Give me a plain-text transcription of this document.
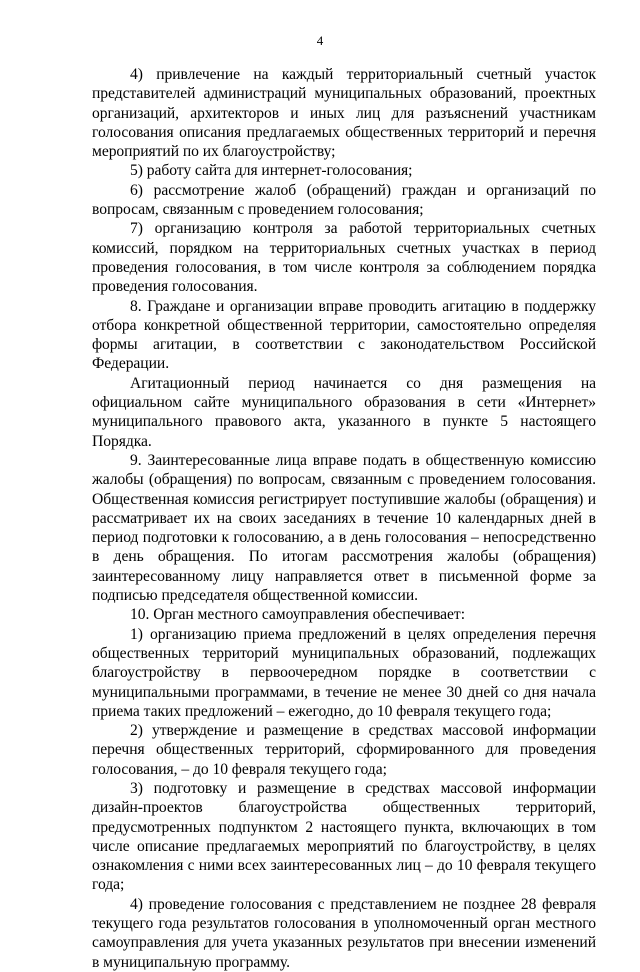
4

4) привлечение на каждый территориальный счетный участок представителей администраций муниципальных образований, проектных организаций, архитекторов и иных лиц для разъяснений участникам голосования описания предлагаемых общественных территорий и перечня мероприятий по их благоустройству;

5) работу сайта для интернет-голосования;

6) рассмотрение жалоб (обращений) граждан и организаций по вопросам, связанным с проведением голосования;

7) организацию контроля за работой территориальных счетных комиссий, порядком на территориальных счетных участках в период проведения голосования, в том числе контроля за соблюдением порядка проведения голосования.

8. Граждане и организации вправе проводить агитацию в поддержку отбора конкретной общественной территории, самостоятельно определяя формы агитации, в соответствии с законодательством Российской Федерации.

Агитационный период начинается со дня размещения на официальном сайте муниципального образования в сети «Интернет» муниципального правового акта, указанного в пункте 5 настоящего Порядка.

9. Заинтересованные лица вправе подать в общественную комиссию жалобы (обращения) по вопросам, связанным с проведением голосования. Общественная комиссия регистрирует поступившие жалобы (обращения) и рассматривает их на своих заседаниях в течение 10 календарных дней в период подготовки к голосованию, а в день голосования – непосредственно в день обращения. По итогам рассмотрения жалобы (обращения) заинтересованному лицу направляется ответ в письменной форме за подписью председателя общественной комиссии.

10. Орган местного самоуправления обеспечивает:

1) организацию приема предложений в целях определения перечня общественных территорий муниципальных образований, подлежащих благоустройству в первоочередном порядке в соответствии с муниципальными программами, в течение не менее 30 дней со дня начала приема таких предложений – ежегодно, до 10 февраля текущего года;

2) утверждение и размещение в средствах массовой информации перечня общественных территорий, сформированного для проведения голосования, – до 10 февраля текущего года;

3) подготовку и размещение в средствах массовой информации дизайн-проектов благоустройства общественных территорий, предусмотренных подпунктом 2 настоящего пункта, включающих в том числе описание предлагаемых мероприятий по благоустройству, в целях ознакомления с ними всех заинтересованных лиц – до 10 февраля текущего года;

4) проведение голосования с представлением не позднее 28 февраля текущего года результатов голосования в уполномоченный орган местного самоуправления для учета указанных результатов при внесении изменений в муниципальную программу.
